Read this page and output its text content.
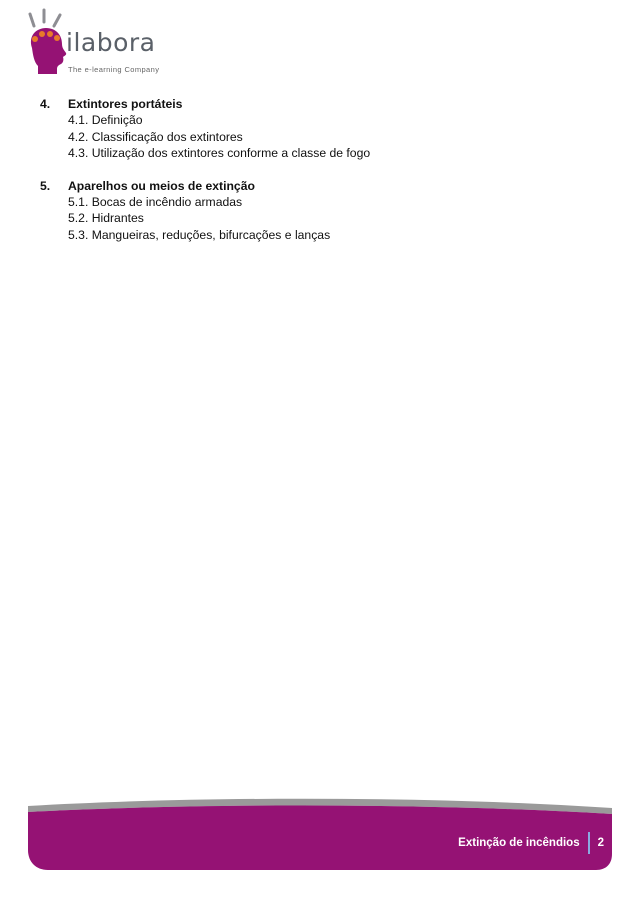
ilabora
The e-learning Company
4.	Extintores portáteis
4.1. Definição
4.2. Classificação dos extintores
4.3. Utilização dos extintores conforme a classe de fogo
5.	Aparelhos ou meios de extinção
5.1. Bocas de incêndio armadas
5.2. Hidrantes
5.3. Mangueiras, reduções, bifurcações e lanças
Extinção de incêndios 2
